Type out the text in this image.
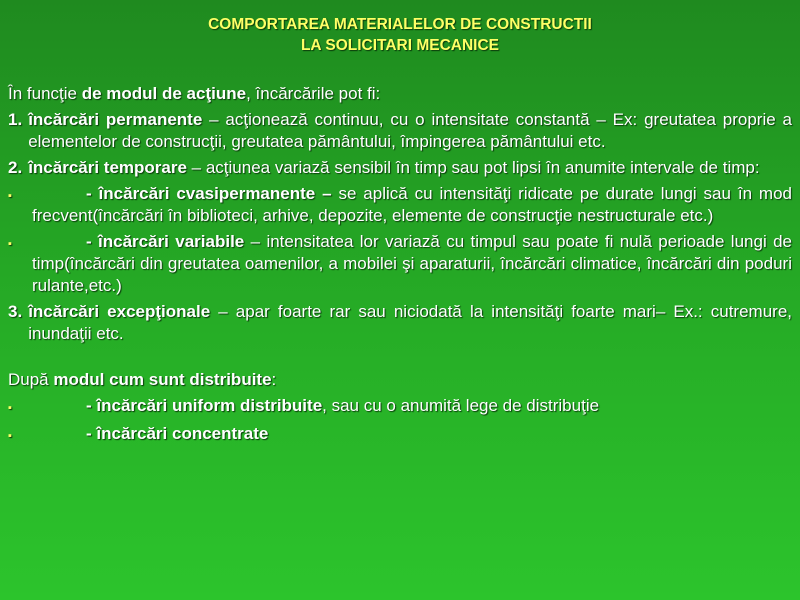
COMPORTAREA MATERIALELOR DE CONSTRUCTII
LA SOLICITARI MECANICE

În funcţie de modul de acţiune, încărcările pot fi:

1. încărcări permanente – acţionează continuu, cu o intensitate constantă – Ex: greutatea proprie a elementelor de construcţii, greutatea pământului, împingerea pământului etc.
2. încărcări temporare – acţiunea variază sensibil în timp sau pot lipsi în anumite intervale de timp:
▪	- încărcări cvasipermanente – se aplică cu intensităţi ridicate pe durate lungi sau în mod frecvent(încărcări în biblioteci, arhive, depozite, elemente de construcţie nestructurale etc.)
▪	- încărcări variabile – intensitatea lor variază cu timpul sau poate fi nulă perioade lungi de timp(încărcări din greutatea oamenilor, a mobilei şi aparaturii, încărcări climatice, încărcări din poduri rulante,etc.)
3. încărcări excepţionale – apar foarte rar sau niciodată la intensităţi foarte mari– Ex.: cutremure, inundaţii etc.

După modul cum sunt distribuite:

▪	- încărcări uniform distribuite, sau cu o anumită lege de distribuţie
▪	- încărcări concentrate
